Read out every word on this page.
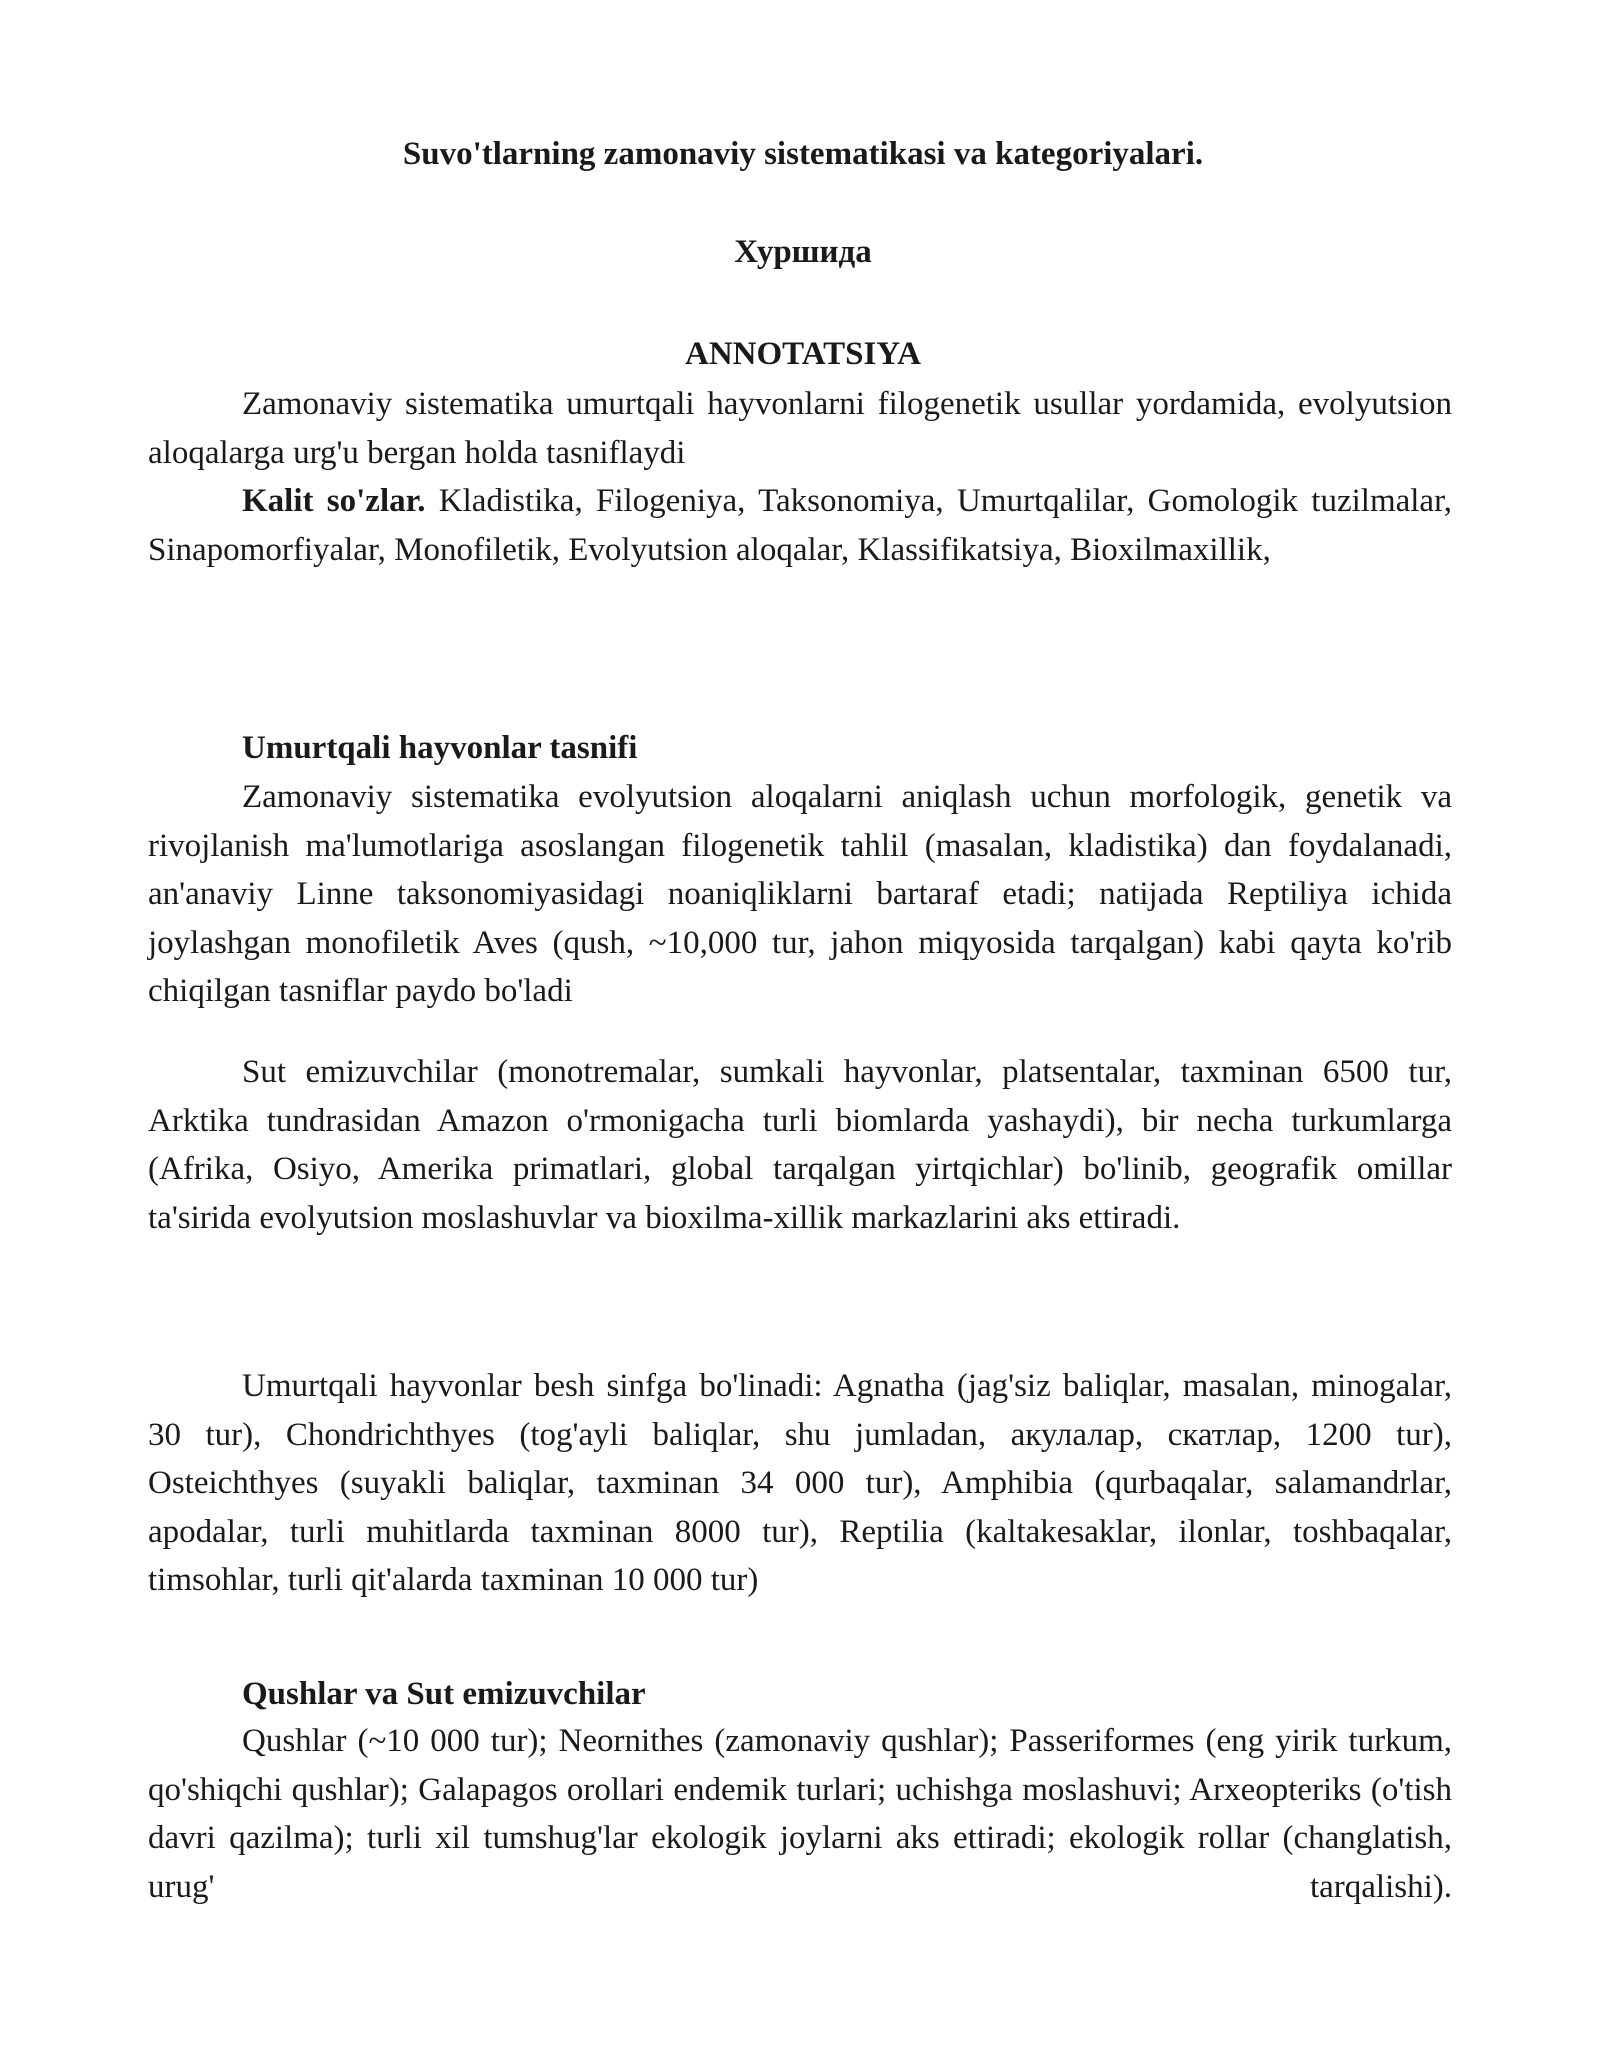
Suvo'tlarning zamonaviy sistematikasi va kategoriyalari.
Хуршида
ANNOTATSIYA

Zamonaviy sistematika umurtqali hayvonlarni filogenetik usullar yordamida, evolyutsion aloqalarga urg'u bergan holda tasniflaydi

Kalit so'zlar. Kladistika, Filogeniya, Taksonomiya, Umurtqalilar, Gomologik tuzilmalar, Sinapomorfiyalar, Monofiletik, Evolyutsion aloqalar, Klassifikatsiya, Bioxilmaxillik,

Umurtqali hayvonlar tasnifi

Zamonaviy sistematika evolyutsion aloqalarni aniqlash uchun morfologik, genetik va rivojlanish ma'lumotlariga asoslangan filogenetik tahlil (masalan, kladistika) dan foydalanadi, an'anaviy Linne taksonomiyasidagi noaniqliklarni bartaraf etadi; natijada Reptiliya ichida joylashgan monofiletik Aves (qush, ~10,000 tur, jahon miqyosida tarqalgan) kabi qayta ko'rib chiqilgan tasniflar paydo bo'ladi

Sut emizuvchilar (monotremalar, sumkali hayvonlar, platsentalar, taxminan 6500 tur, Arktika tundrasidan Amazon o'rmonigacha turli biomlarda yashaydi), bir necha turkumlarga (Afrika, Osiyo, Amerika primatlari, global tarqalgan yirtqichlar) bo'linib, geografik omillar ta'sirida evolyutsion moslashuvlar va bioxilma-xillik markazlarini aks ettiradi.

Umurtqali hayvonlar besh sinfga bo'linadi: Agnatha (jag'siz baliqlar, masalan, minogalar, 30 tur), Chondrichthyes (tog'ayli baliqlar, shu jumladan, акулалар, скатлар, 1200 tur), Osteichthyes (suyakli baliqlar, taxminan 34 000 tur), Amphibia (qurbaqalar, salamandrlar, apodalar, turli muhitlarda taxminan 8000 tur), Reptilia (kaltakesaklar, ilonlar, toshbaqalar, timsohlar, turli qit'alarda taxminan 10 000 tur)

Qushlar va Sut emizuvchilar

Qushlar (~10 000 tur); Neornithes (zamonaviy qushlar); Passeriformes (eng yirik turkum, qo'shiqchi qushlar); Galapagos orollari endemik turlari; uchishga moslashuvi; Arxeopteriks (o'tish davri qazilma); turli xil tumshug'lar ekologik joylarni aks ettiradi; ekologik rollar (changlatish, urug' tarqalishi).
